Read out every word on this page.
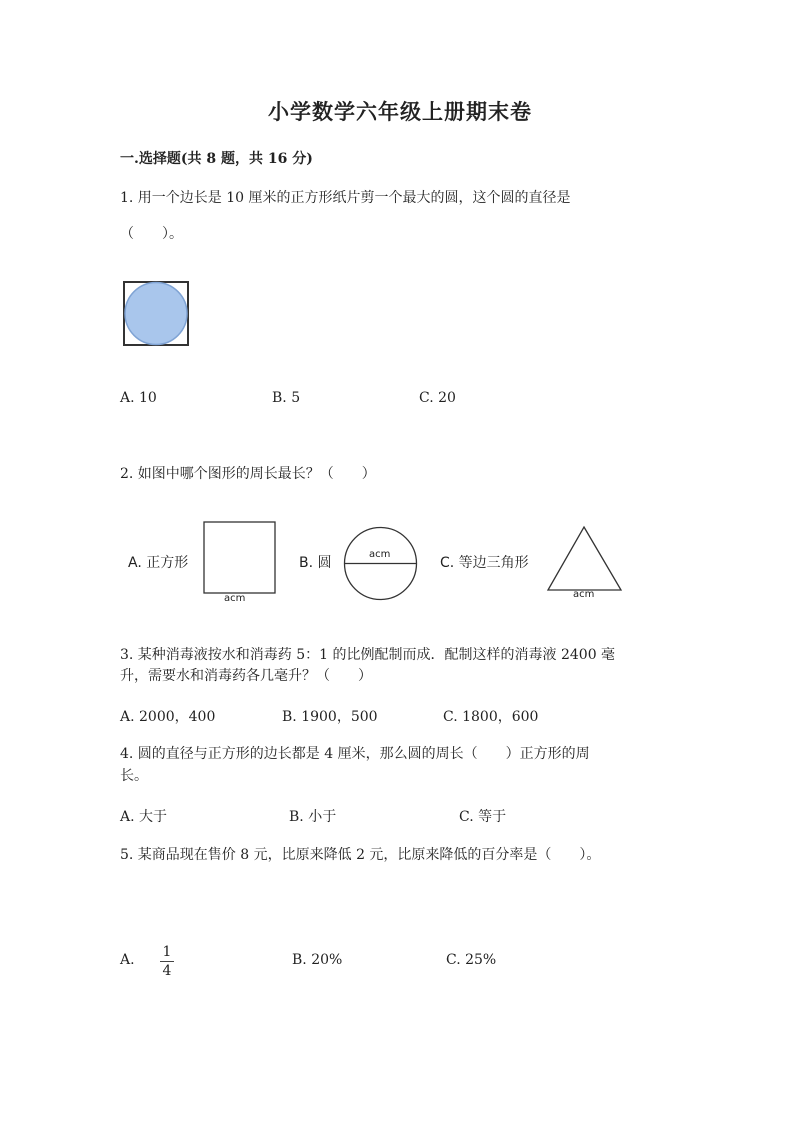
小学数学六年级上册期末卷
一.选择题(共 8 题，共 16 分)
1. 用一个边长是 10 厘米的正方形纸片剪一个最大的圆，这个圆的直径是
（　　）。
A. 10	B. 5	C. 20
2. 如图中哪个图形的周长最长？（　　）
A. 正方形
acm
B. 圆
acm
C. 等边三角形
acm
3. 某种消毒液按水和消毒药 5：1 的比例配制而成．配制这样的消毒液 2400 毫
升，需要水和消毒药各几毫升？（　　）
A. 2000，400	B. 1900，500	C. 1800，600
4. 圆的直径与正方形的边长都是 4 厘米，那么圆的周长（　　）正方形的周
长。
A. 大于	B. 小于	C. 等于
5. 某商品现在售价 8 元，比原来降低 2 元，比原来降低的百分率是（　　）。
A.	1
4
B. 20%	C. 25%
